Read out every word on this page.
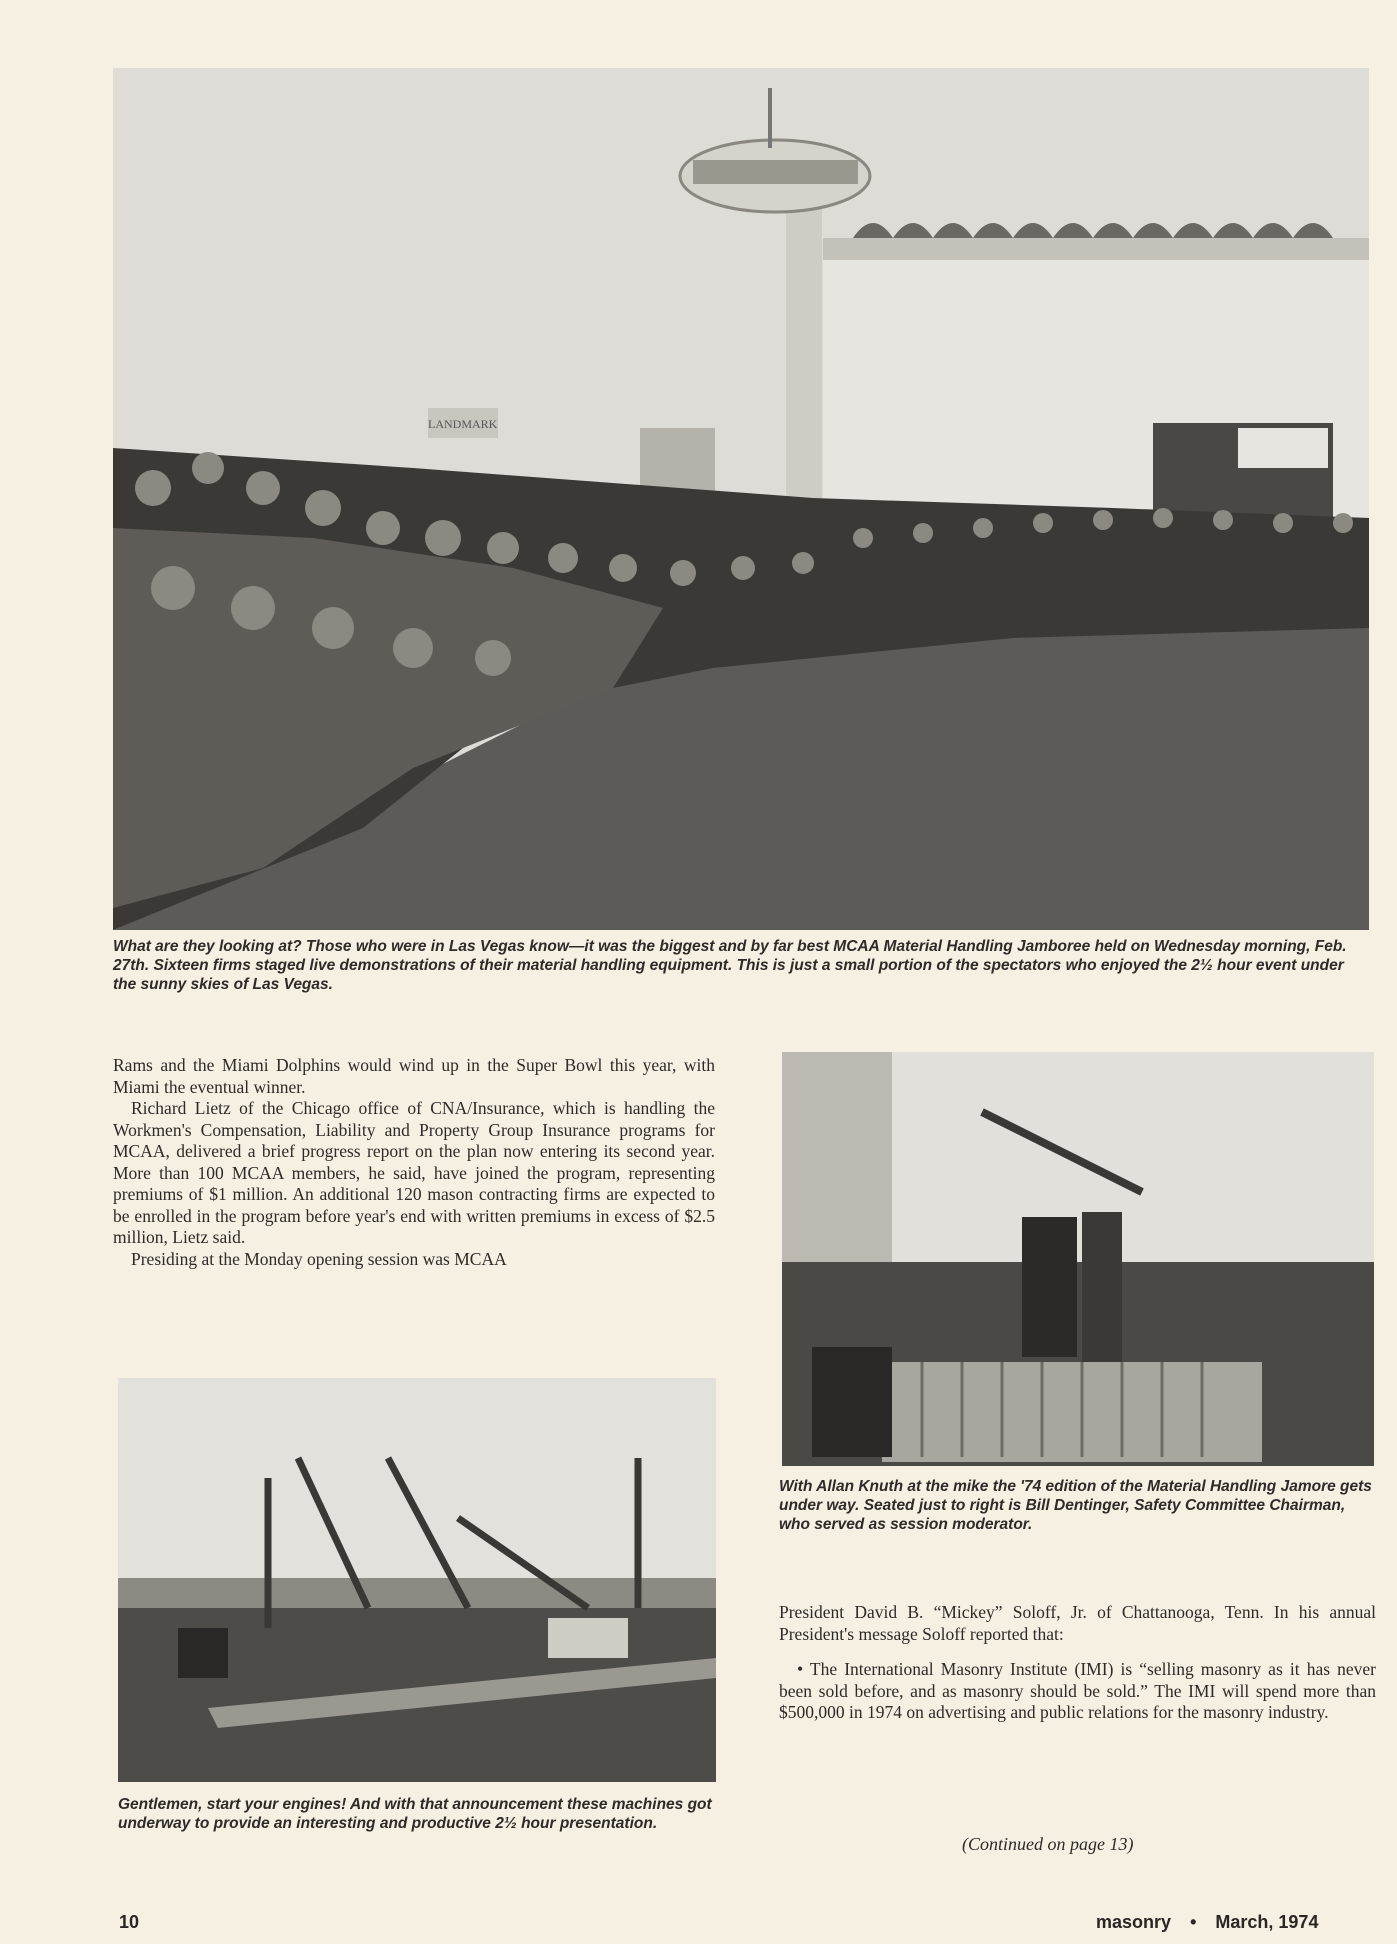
LANDMARK
What are they looking at? Those who were in Las Vegas know—it was the biggest and by far best MCAA Material Handling Jamboree held on Wednesday morning, Feb. 27th. Sixteen firms staged live demonstrations of their material handling equipment. This is just a small portion of the spectators who enjoyed the 2½ hour event under the sunny skies of Las Vegas.

Rams and the Miami Dolphins would wind up in the Super Bowl this year, with Miami the eventual winner.

Richard Lietz of the Chicago office of CNA/Insurance, which is handling the Workmen's Compensation, Liability and Property Group Insurance programs for MCAA, delivered a brief progress report on the plan now entering its second year. More than 100 MCAA members, he said, have joined the program, representing premiums of $1 million. An additional 120 mason contracting firms are expected to be enrolled in the program before year's end with written premiums in excess of $2.5 million, Lietz said.

Presiding at the Monday opening session was MCAA

Gentlemen, start your engines! And with that announcement these machines got underway to provide an interesting and productive 2½ hour presentation.
With Allan Knuth at the mike the '74 edition of the Material Handling Jamore gets under way. Seated just to right is Bill Dentinger, Safety Committee Chairman, who served as session moderator.

President David B. “Mickey” Soloff, Jr. of Chattanooga, Tenn. In his annual President's message Soloff reported that:

• The International Masonry Institute (IMI) is “selling masonry as it has never been sold before, and as masonry should be sold.” The IMI will spend more than $500,000 in 1974 on advertising and public relations for the masonry industry.

(Continued on page 13)
10	masonry • March, 1974
